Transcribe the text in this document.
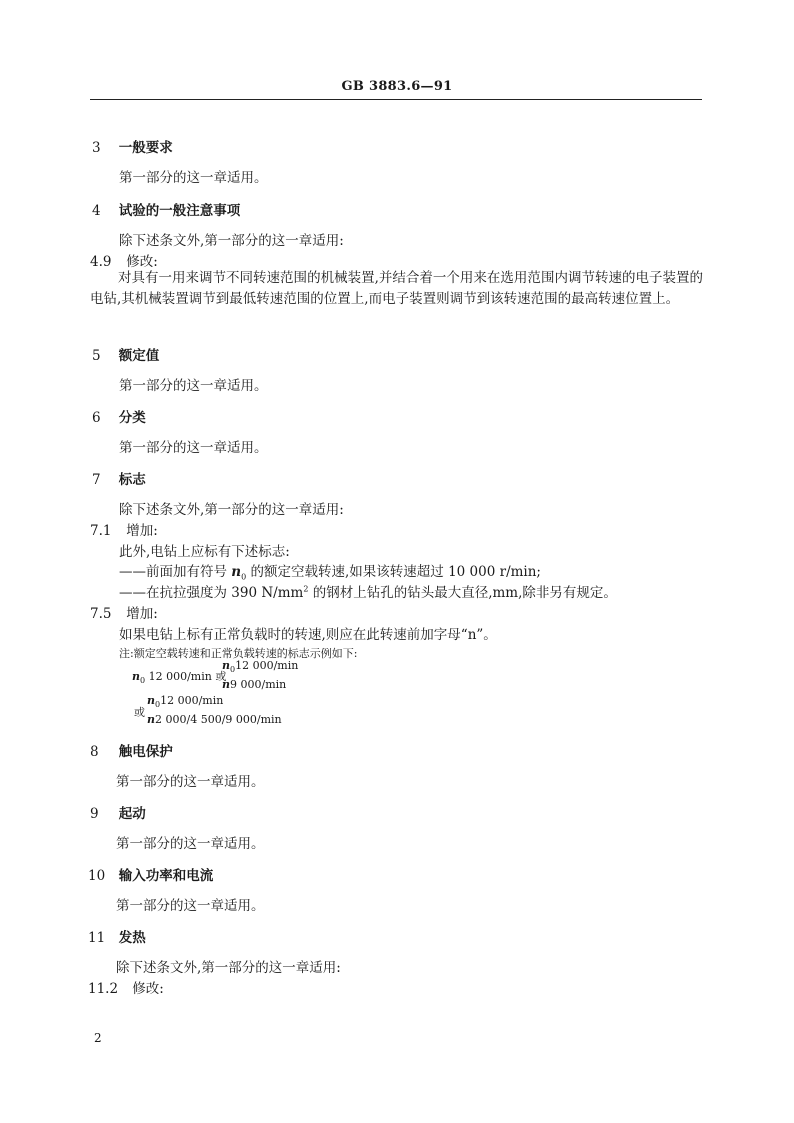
GB 3883.6—91
3 一般要求
第一部分的这一章适用。
4 试验的一般注意事项
除下述条文外,第一部分的这一章适用:
4.9 修改:
对具有一用来调节不同转速范围的机械装置,并结合着一个用来在选用范围内调节转速的电子装置的电钻,其机械装置调节到最低转速范围的位置上,而电子装置则调节到该转速范围的最高转速位置上。
5 额定值
第一部分的这一章适用。
6 分类
第一部分的这一章适用。
7 标志
除下述条文外,第一部分的这一章适用:
7.1 增加:
此外,电钻上应标有下述标志:
——前面加有符号 $n_0$ 的额定空载转速,如果该转速超过 10 000 r/min;
——在抗拉强度为 390 $N/mm^2$ 的钢材上钻孔的钻头最大直径,mm,除非另有规定。
7.5 增加:
如果电钻上标有正常负载时的转速,则应在此转速前加字母“n”。
注:额定空载转速和正常负载转速的标志示例如下:
$n_0$ 12 000/min 或
$n_012$ 000/min
n9 000/min
或
$n_012$ 000/min
n2 000/4 500/9 000/min
8 触电保护
第一部分的这一章适用。
9 起动
第一部分的这一章适用。
10 输入功率和电流
第一部分的这一章适用。
11 发热
除下述条文外,第一部分的这一章适用:
11.2 修改:
2
